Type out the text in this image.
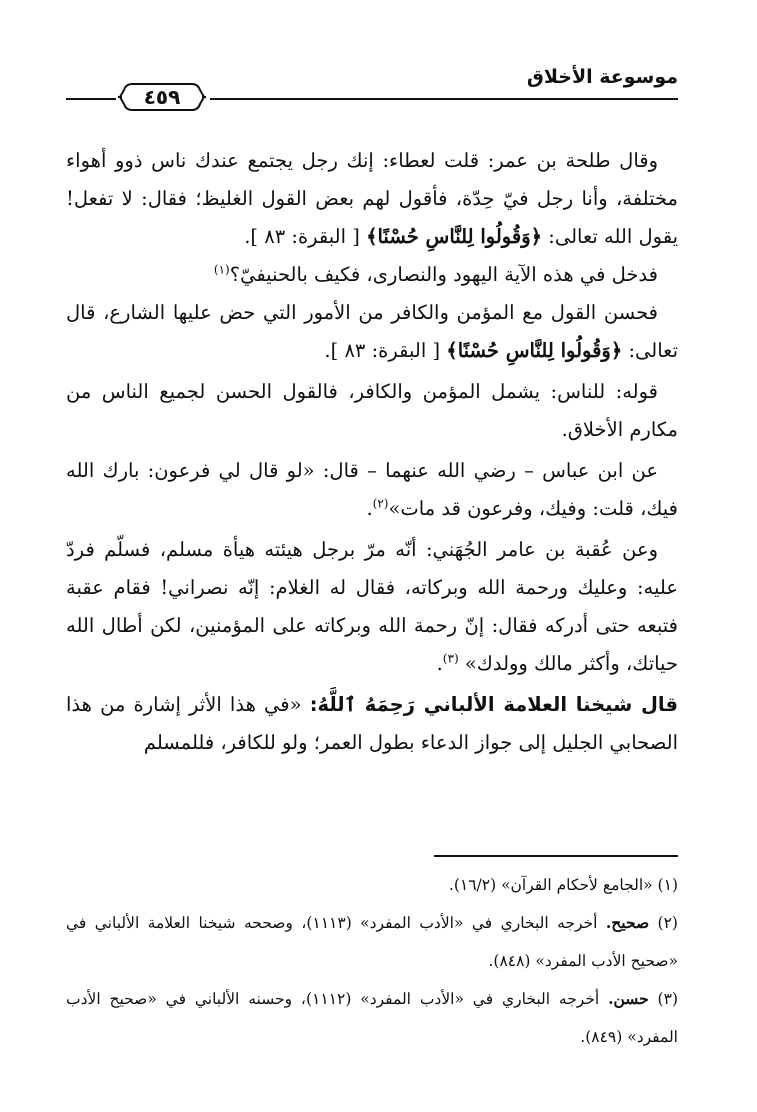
موسوعة الأخلاق
٤٥٩

وقال طلحة بن عمر: قلت لعطاء: إنك رجل يجتمع عندك ناس ذوو أهواء مختلفة، وأنا رجل فيّ حِدّة، فأقول لهم بعض القول الغليظ؛ فقال: لا تفعل! يقول الله تعالى: ﴿وَقُولُوا لِلنَّاسِ حُسْنًا﴾ [ البقرة: ٨٣ ].

فدخل في هذه الآية اليهود والنصارى، فكيف بالحنيفيّ؟$^{(١)}$

فحسن القول مع المؤمن والكافر من الأمور التي حض عليها الشارع، قال تعالى: ﴿وَقُولُوا لِلنَّاسِ حُسْنًا﴾ [ البقرة: ٨٣ ].

قوله: للناس: يشمل المؤمن والكافر، فالقول الحسن لجميع الناس من مكارم الأخلاق.

عن ابن عباس – رضي الله عنهما – قال: «لو قال لي فرعون: بارك الله فيك، قلت: وفيك، وفرعون قد مات»$^{(٢)}$.

وعن عُقبة بن عامر الجُهَني: أنّه مرّ برجل هيئته هيأة مسلم، فسلّم فردّ عليه: وعليك ورحمة الله وبركاته، فقال له الغلام: إنّه نصراني! فقام عقبة فتبعه حتى أدركه فقال: إنّ رحمة الله وبركاته على المؤمنين، لكن أطال الله حياتك، وأكثر مالك وولدك» $^{(٣)}$.

قال شيخنا العلامة الألباني رَحِمَهُ ٱللَّهُ: «في هذا الأثر إشارة من هذا الصحابي الجليل إلى جواز الدعاء بطول العمر؛ ولو للكافر، فللمسلم

(١) «الجامع لأحكام القرآن» (١٦/٢).

(٢) صحيح. أخرجه البخاري في «الأدب المفرد» (١١١٣)، وصححه شيخنا العلامة الألباني في «صحيح الأدب المفرد» (٨٤٨).

(٣) حسن. أخرجه البخاري في «الأدب المفرد» (١١١٢)، وحسنه الألباني في «صحيح الأدب المفرد» (٨٤٩).
